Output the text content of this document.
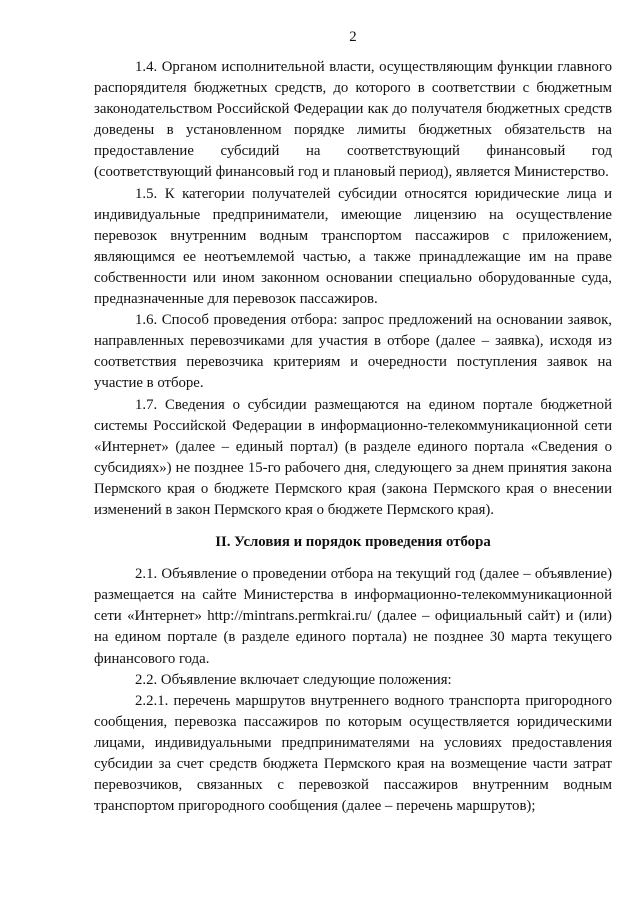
2

1.4. Органом исполнительной власти, осуществляющим функции главного распорядителя бюджетных средств, до которого в соответствии с бюджетным законодательством Российской Федерации как до получателя бюджетных средств доведены в установленном порядке лимиты бюджетных обязательств на предоставление субсидий на соответствующий финансовый год (соответствующий финансовый год и плановый период), является Министерство.

1.5. К категории получателей субсидии относятся юридические лица и индивидуальные предприниматели, имеющие лицензию на осуществление перевозок внутренним водным транспортом пассажиров с приложением, являющимся ее неотъемлемой частью, а также принадлежащие им на праве собственности или ином законном основании специально оборудованные суда, предназначенные для перевозок пассажиров.

1.6. Способ проведения отбора: запрос предложений на основании заявок, направленных перевозчиками для участия в отборе (далее – заявка), исходя из соответствия перевозчика критериям и очередности поступления заявок на участие в отборе.

1.7. Сведения о субсидии размещаются на едином портале бюджетной системы Российской Федерации в информационно-телекоммуникационной сети «Интернет» (далее – единый портал) (в разделе единого портала «Сведения о субсидиях») не позднее 15-го рабочего дня, следующего за днем принятия закона Пермского края о бюджете Пермского края (закона Пермского края о внесении изменений в закон Пермского края о бюджете Пермского края).

II. Условия и порядок проведения отбора

2.1. Объявление о проведении отбора на текущий год (далее – объявление) размещается на сайте Министерства в информационно-телекоммуникационной сети «Интернет» http://mintrans.permkrai.ru/ (далее – официальный сайт) и (или) на едином портале (в разделе единого портала) не позднее 30 марта текущего финансового года.

2.2. Объявление включает следующие положения:

2.2.1. перечень маршрутов внутреннего водного транспорта пригородного сообщения, перевозка пассажиров по которым осуществляется юридическими лицами, индивидуальными предпринимателями на условиях предоставления субсидии за счет средств бюджета Пермского края на возмещение части затрат перевозчиков, связанных с перевозкой пассажиров внутренним водным транспортом пригородного сообщения (далее – перечень маршрутов);
